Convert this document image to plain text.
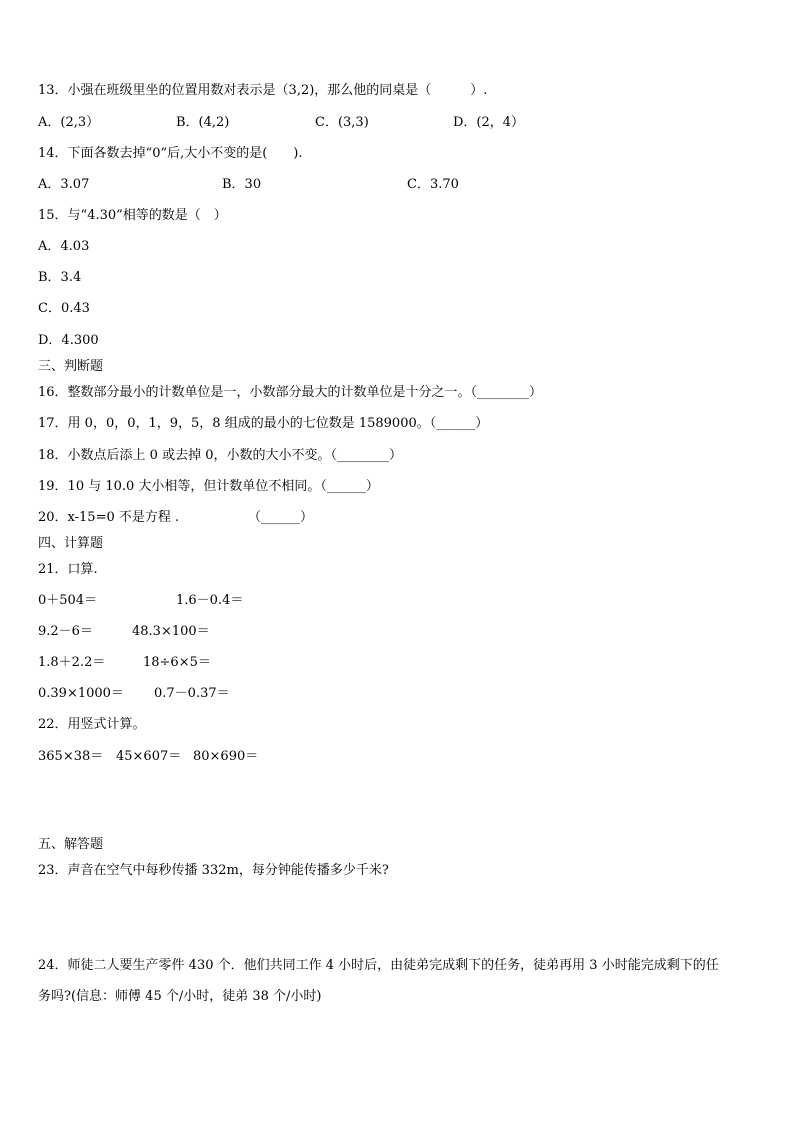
13．小强在班级里坐的位置用数对表示是（3,2)，那么他的同桌是（　　　）.
A．(2,3）	B．(4,2)	C．(3,3)	D．(2，4）
14．下面各数去掉“0”后,大小不变的是(　　).
A．3.07	B．30	C．3.70
15．与“4.30”相等的数是（　）
A．4.03
B．3.4
C．0.43
D．4.300
三、判断题
16．整数部分最小的计数单位是一，小数部分最大的计数单位是十分之一。（________）
17．用 0，0，0，1，9，5，8 组成的最小的七位数是 1589000。（______）
18．小数点后添上 0 或去掉 0，小数的大小不变。（________）
19．10 与 10.0 大小相等，但计数单位不相同。（______）
20．x-15=0 不是方程 .	（______）
四、计算题
21．口算.
0＋504＝	1.6－0.4＝
9.2－6＝	48.3×100＝
1.8＋2.2＝	18÷6×5＝
0.39×1000＝ 0.7－0.37＝
22．用竖式计算。
365×38＝ 45×607＝ 80×690＝
五、解答题
23．声音在空气中每秒传播 332m，每分钟能传播多少千米?
24．师徒二人要生产零件 430 个．他们共同工作 4 小时后，由徒弟完成剩下的任务，徒弟再用 3 小时能完成剩下的任
务吗?(信息：师傅 45 个/小时，徒弟 38 个/小时)
